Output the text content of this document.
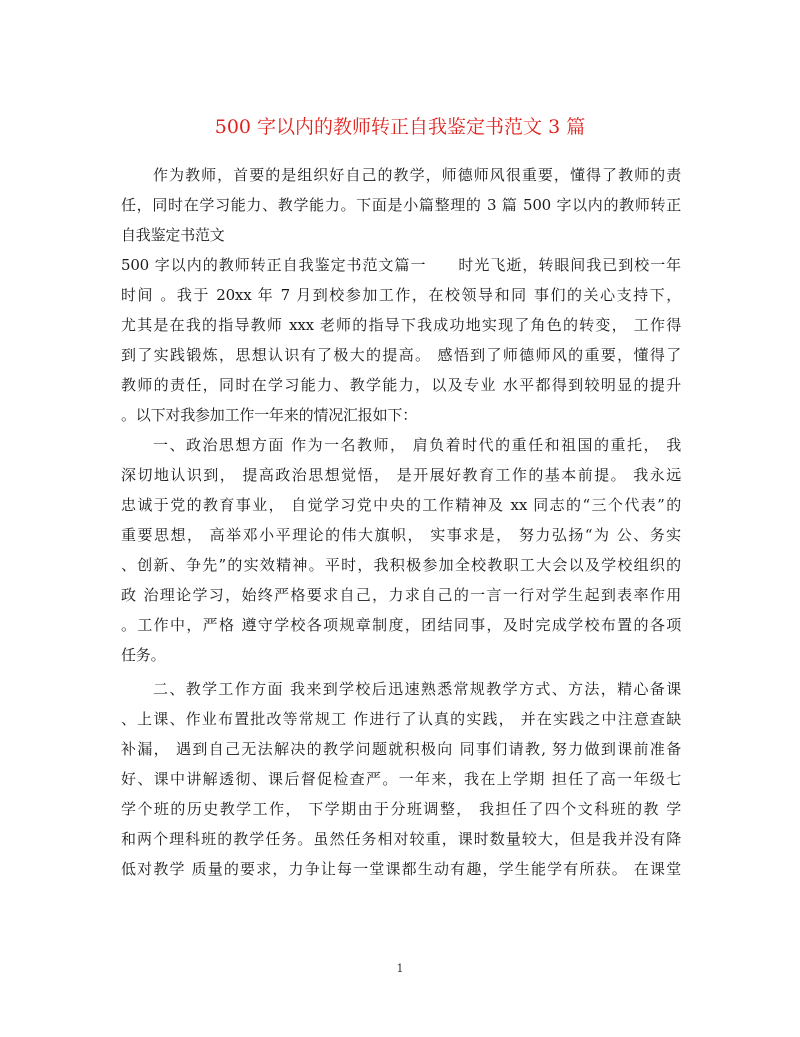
500 字以内的教师转正自我鉴定书范文 3 篇
作为教师，首要的是组织好自己的教学，师德师风很重要，懂得了教师的责
任，同时在学习能力、教学能力。下面是小篇整理的 3 篇 500 字以内的教师转正
自我鉴定书范文
500 字以内的教师转正自我鉴定书范文篇一　　时光飞逝，转眼间我已到校一年
时间 。我于 20xx 年 7 月到校参加工作，在校领导和同 事们的关心支持下，
尤其是在我的指导教师 xxx 老师的指导下我成功地实现了角色的转变， 工作得
到了实践锻炼，思想认识有了极大的提高。 感悟到了师德师风的重要，懂得了
教师的责任，同时在学习能力、教学能力，以及专业 水平都得到较明显的提升
。以下对我参加工作一年来的情况汇报如下：
一、政治思想方面 作为一名教师， 肩负着时代的重任和祖国的重托， 我
深切地认识到， 提高政治思想觉悟， 是开展好教育工作的基本前提。 我永远
忠诚于党的教育事业， 自觉学习党中央的工作精神及 xx 同志的“三个代表”的
重要思想， 高举邓小平理论的伟大旗帜， 实事求是， 努力弘扬“为 公、务实
、创新、争先”的实效精神。平时，我积极参加全校教职工大会以及学校组织的
政 治理论学习，始终严格要求自己，力求自己的一言一行对学生起到表率作用
。工作中，严格 遵守学校各项规章制度，团结同事，及时完成学校布置的各项
任务。
二、教学工作方面 我来到学校后迅速熟悉常规教学方式、方法，精心备课
、上课、作业布置批改等常规工 作进行了认真的实践， 并在实践之中注意查缺
补漏， 遇到自己无法解决的教学问题就积极向 同事们请教, 努力做到课前准备
好、课中讲解透彻、课后督促检查严。一年来，我在上学期 担任了高一年级七
学个班的历史教学工作， 下学期由于分班调整， 我担任了四个文科班的教 学
和两个理科班的教学任务。虽然任务相对较重，课时数量较大，但是我并没有降
低对教学 质量的要求，力争让每一堂课都生动有趣，学生能学有所获。 在课堂
1
